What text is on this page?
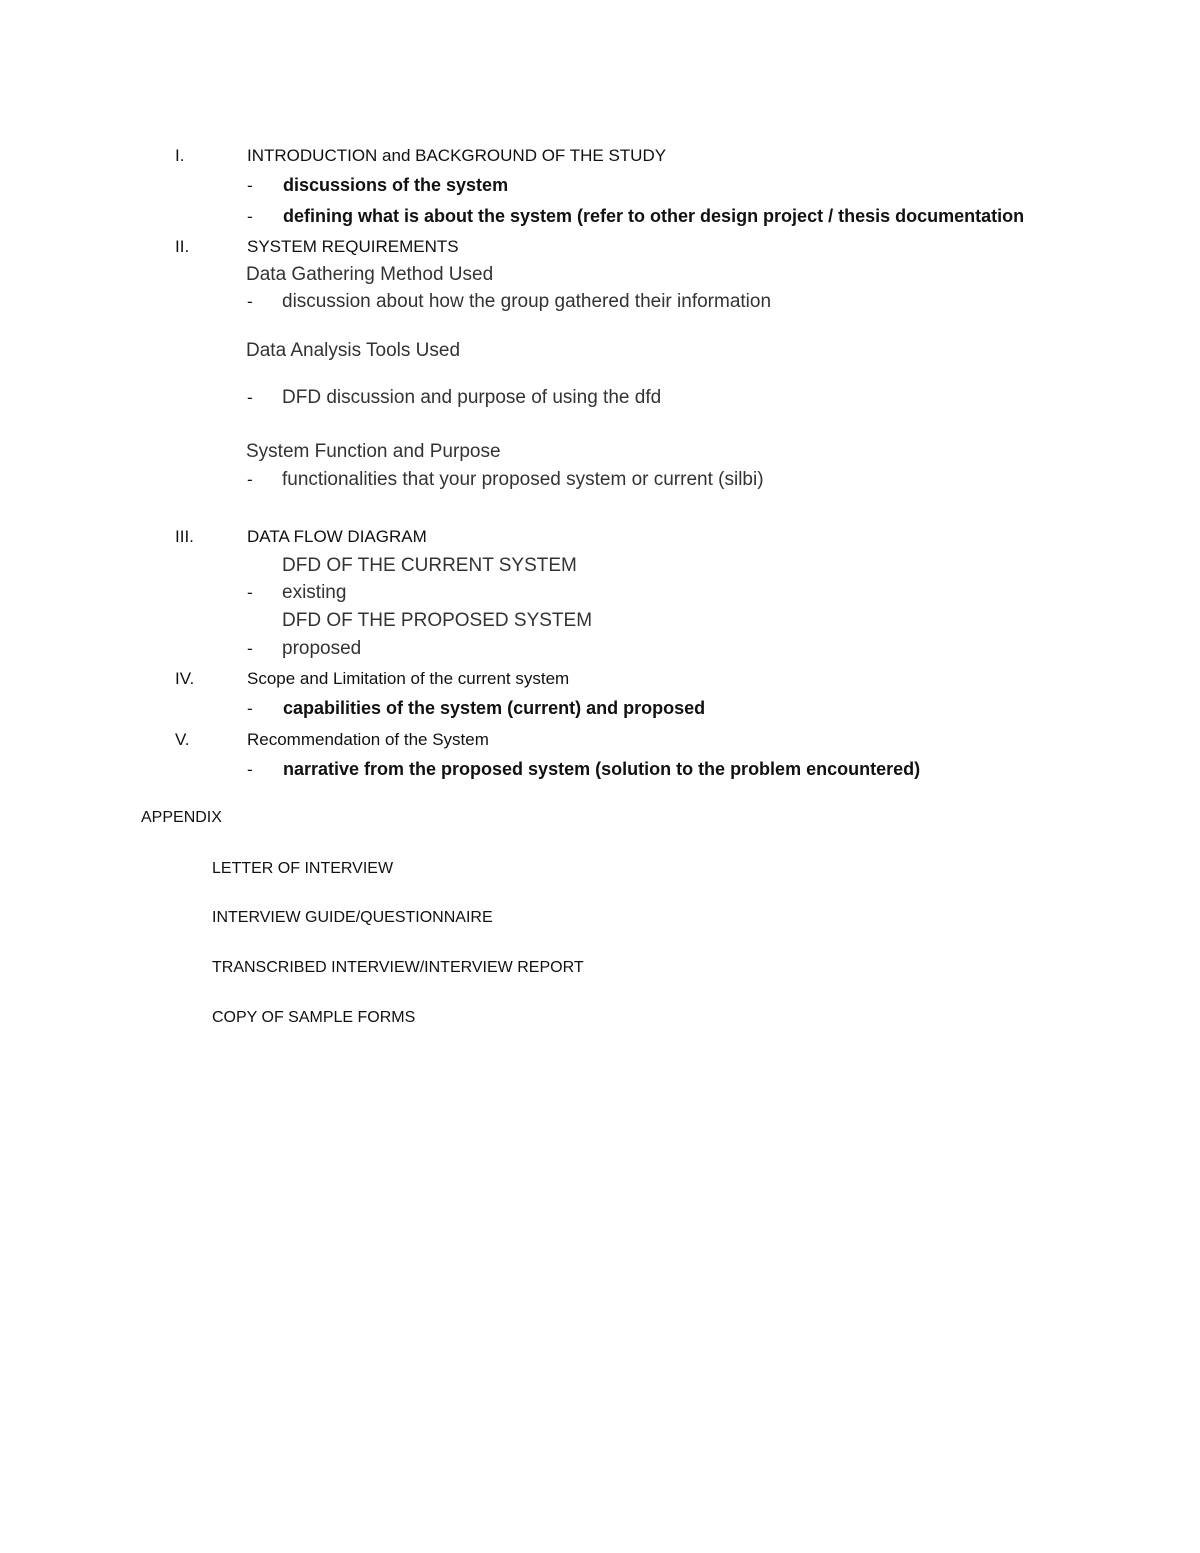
I.	INTRODUCTION and BACKGROUND OF THE STUDY
- discussions of the system
- defining what is about the system (refer to other design project / thesis documentation
II.	SYSTEM REQUIREMENTS
Data Gathering Method Used
- discussion about how the group gathered their information
Data Analysis Tools Used
- DFD discussion and purpose of using the dfd
System Function and Purpose
- functionalities that your proposed system or current (silbi)
III.	DATA FLOW DIAGRAM
DFD OF THE CURRENT SYSTEM
- existing
DFD OF THE PROPOSED SYSTEM
- proposed
IV.	Scope and Limitation of the current system
- capabilities of the system (current) and proposed
V.	Recommendation of the System
- narrative from the proposed system (solution to the problem encountered)
APPENDIX
LETTER OF INTERVIEW
INTERVIEW GUIDE/QUESTIONNAIRE
TRANSCRIBED INTERVIEW/INTERVIEW REPORT
COPY OF SAMPLE FORMS
